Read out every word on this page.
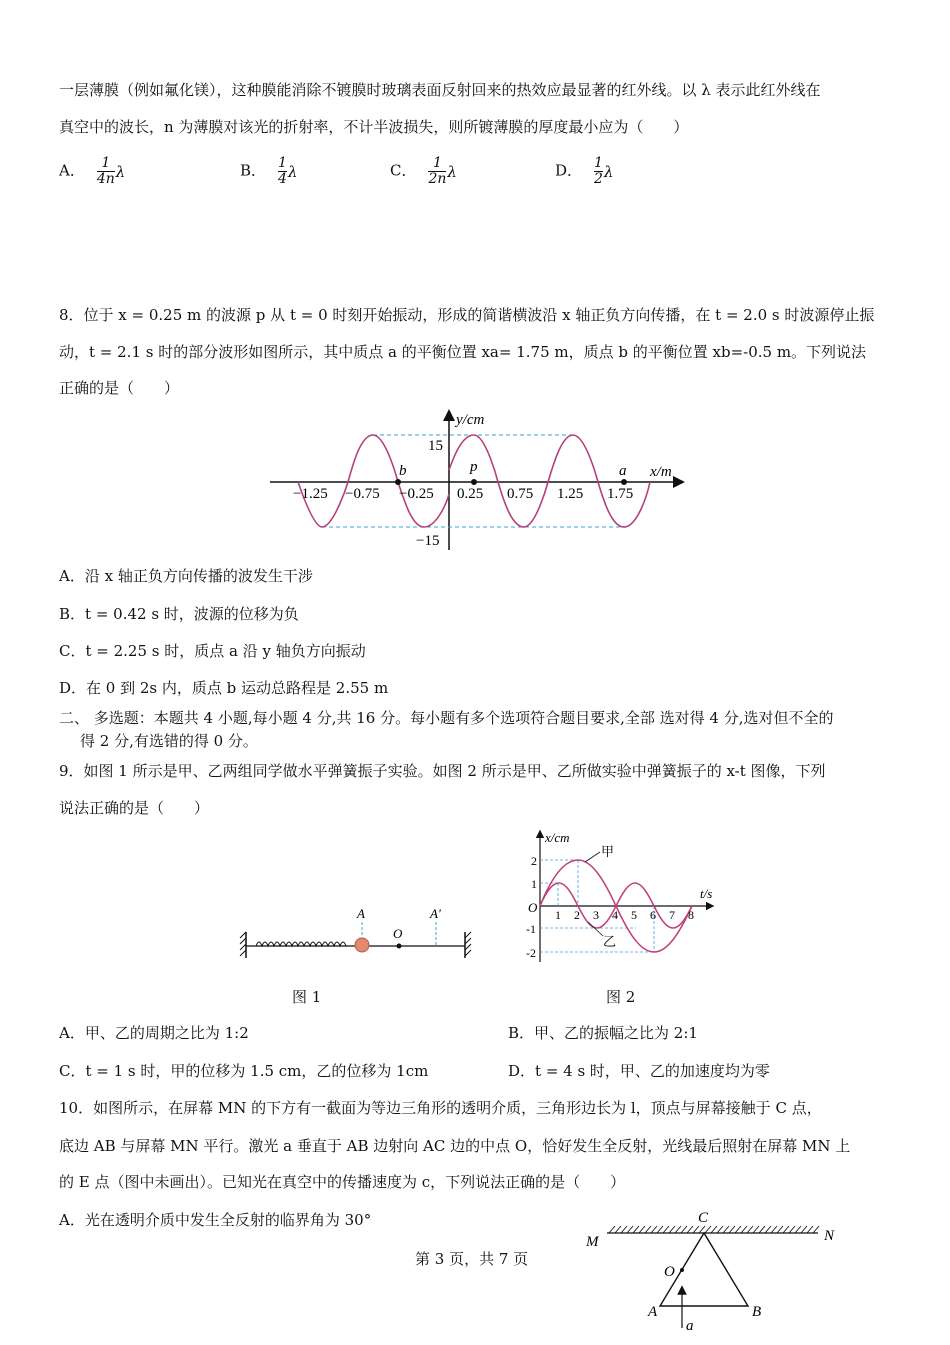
一层薄膜（例如氟化镁），这种膜能消除不镀膜时玻璃表面反射回来的热效应最显著的红外线。以 λ 表示此红外线在
真空中的波长，n 为薄膜对该光的折射率，不计半波损失，则所镀薄膜的厚度最小应为（　　）
A． $\frac{1}{4n}$ λ	B． $\frac{1}{4}$ λ	C． $\frac{1}{2n}$ λ	D． $\frac{1}{2}$ λ
8．位于 x = 0.25 m 的波源 p 从 t = 0 时刻开始振动，形成的简谐横波沿 x 轴正负方向传播，在 t = 2.0 s 时波源停止振
动，t = 2.1 s 时的部分波形如图所示，其中质点 a 的平衡位置 xa= 1.75 m，质点 b 的平衡位置 xb=-0.5 m。下列说法
正确的是（　　）
y/cm
x/m
15
−15
−1.25 −0.75 −0.25 0.25 0.75 1.25 1.75
b	p	a
A．沿 x 轴正负方向传播的波发生干涉
B．t = 0.42 s 时，波源的位移为负
C．t = 2.25 s 时，质点 a 沿 y 轴负方向振动
D．在 0 到 2s 内，质点 b 运动总路程是 2.55 m
二、 多选题：本题共 4 小题,每小题 4 分,共 16 分。每小题有多个选项符合题目要求,全部 选对得 4 分,选对但不全的
得 2 分,有选错的得 0 分。
9．如图 1 所示是甲、乙两组同学做水平弹簧振子实验。如图 2 所示是甲、乙所做实验中弹簧振子的 x-t 图像，下列
说法正确的是（　　）
A
O
A′
图 1
x/cm
t/s
O
2
1
-1
-2
1 2 3 4 5 6 7 8
甲
乙
图 2
A．甲、乙的周期之比为 1:2	B．甲、乙的振幅之比为 2:1
C．t = 1 s 时，甲的位移为 1.5 cm，乙的位移为 1cm	D．t = 4 s 时，甲、乙的加速度均为零
10．如图所示，在屏幕 MN 的下方有一截面为等边三角形的透明介质，三角形边长为 l，顶点与屏幕接触于 C 点，
底边 AB 与屏幕 MN 平行。激光 a 垂直于 AB 边射向 AC 边的中点 O，恰好发生全反射，光线最后照射在屏幕 MN 上
的 E 点（图中未画出）。已知光在真空中的传播速度为 c，下列说法正确的是（　　）
A．光在透明介质中发生全反射的临界角为 30°
M	N
C
O
A	B
a
第 3 页，共 7 页
